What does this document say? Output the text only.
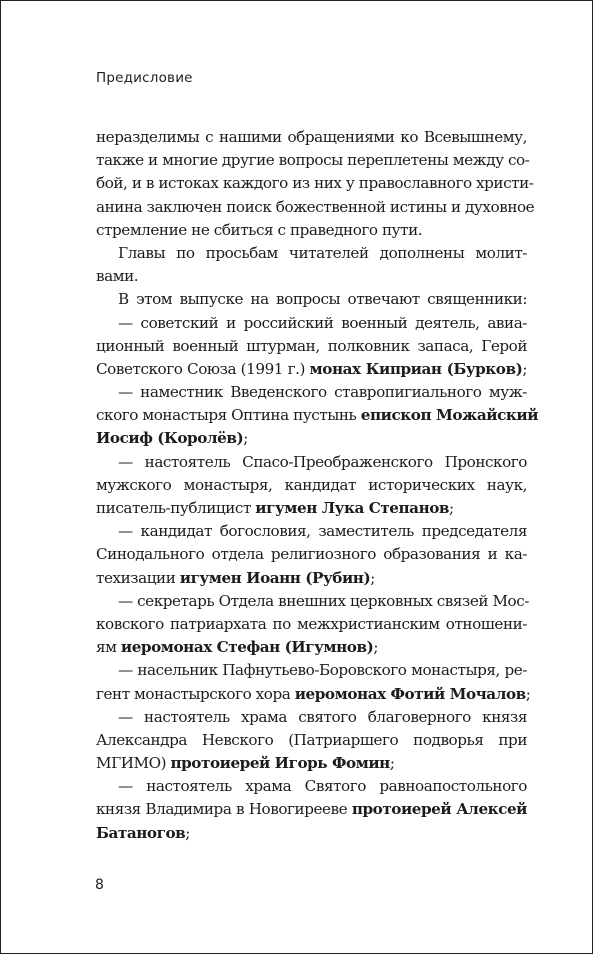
Предисловие
неразделимы с нашими обращениями ко Всевышнему,
также и многие другие вопросы переплетены между со-
бой, и в истоках каждого из них у православного христи-
анина заключен поиск божественной истины и духовное
стремление не сбиться с праведного пути.
Главы по просьбам читателей дополнены молит-
вами.
В этом выпуске на вопросы отвечают священники:
— советский и российский военный деятель, авиа-
ционный военный штурман, полковник запаса, Герой
Советского Союза (1991 г.) монах Киприан (Бурков);
— наместник Введенского ставропигиального муж-
ского монастыря Оптина пустынь епископ Можайский
Иосиф (Королёв);
— настоятель Спасо-Преображенского Пронского
мужского монастыря, кандидат исторических наук,
писатель-публицист игумен Лука Степанов;
— кандидат богословия, заместитель председателя
Синодального отдела религиозного образования и ка-
техизации игумен Иоанн (Рубин);
— секретарь Отдела внешних церковных связей Мос-
ковского патриархата по межхристианским отношени-
ям иеромонах Стефан (Игумнов);
— насельник Пафнутьево-Боровского монастыря, ре-
гент монастырского хора иеромонах Фотий Мочалов;
— настоятель храма святого благоверного князя
Александра Невского (Патриаршего подворья при
МГИМО) протоиерей Игорь Фомин;
— настоятель храма Святого равноапостольного
князя Владимира в Новогиреевe протоиерей Алексей
Батаногов;
8
